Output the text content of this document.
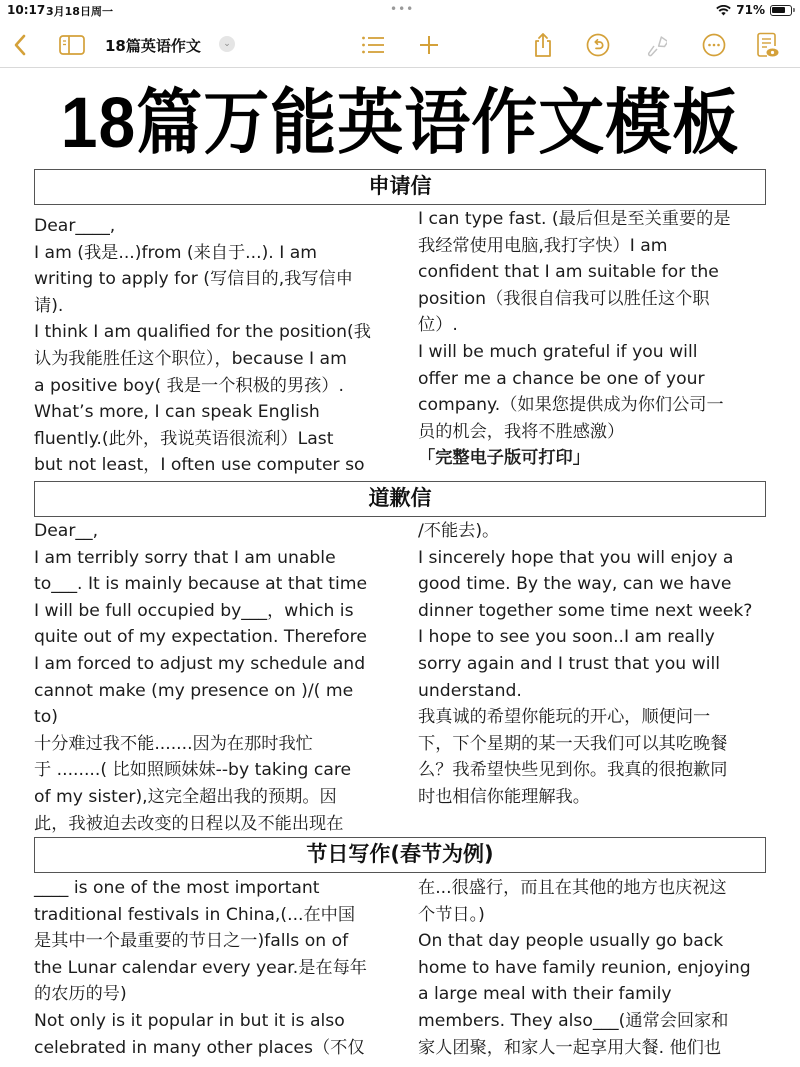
10:17 3月18日周一	•••	71%
18篇英语作文	⌄
18篇万能英语作文模板
申请信
Dear____,
I am (我是...)from (来自于...). I am
writing to apply for (写信目的,我写信申
请).
I think I am qualified for the position(我
认为我能胜任这个职位），because I am
a positive boy( 我是一个积极的男孩）.
What’s more, I can speak English
fluently.(此外，我说英语很流利）Last
but not least，I often use computer so
I can type fast. (最后但是至关重要的是
我经常使用电脑,我打字快）I am
confident that I am suitable for the
position（我很自信我可以胜任这个职
位）.
I will be much grateful if you will
offer me a chance be one of your
company.（如果您提供成为你们公司一
员的机会，我将不胜感激）
「完整电子版可打印」
道歉信
Dear__,
I am terribly sorry that I am unable
to___. It is mainly because at that time
I will be full occupied by___，which is
quite out of my expectation. Therefore
I am forced to adjust my schedule and
cannot make (my presence on )/( me
to)
十分难过我不能.......因为在那时我忙
于 ........( 比如照顾妹妹--by taking care
of my sister),这完全超出我的预期。因
此，我被迫去改变的日程以及不能出现在
/不能去)。
I sincerely hope that you will enjoy a
good time. By the way, can we have
dinner together some time next week?
I hope to see you soon..I am really
sorry again and I trust that you will
understand.
我真诚的希望你能玩的开心，顺便问一
下，下个星期的某一天我们可以其吃晚餐
么？我希望快些见到你。我真的很抱歉同
时也相信你能理解我。
节日写作(春节为例)
____ is one of the most important
traditional festivals in China,(...在中国
是其中一个最重要的节日之一)falls on of
the Lunar calendar every year.是在每年
的农历的号)
Not only is it popular in but it is also
celebrated in many other places（不仅
在...很盛行，而且在其他的地方也庆祝这
个节日。)
On that day people usually go back
home to have family reunion, enjoying
a large meal with their family
members. They also___(通常会回家和
家人团聚，和家人一起享用大餐. 他们也
